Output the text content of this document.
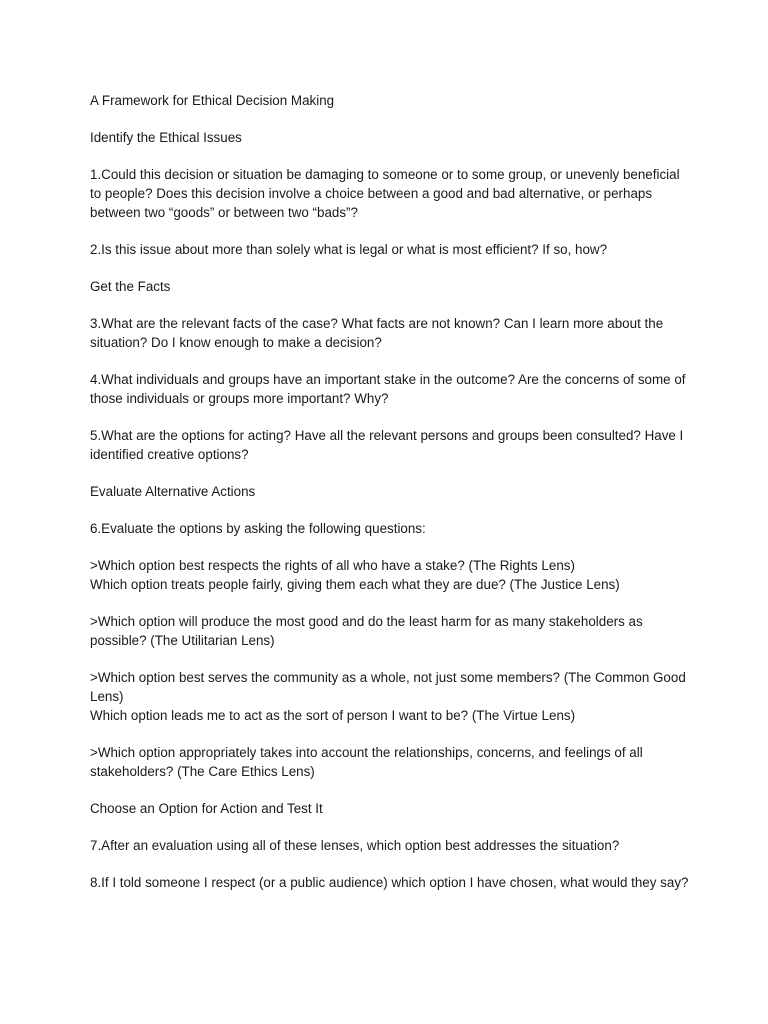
A Framework for Ethical Decision Making

Identify the Ethical Issues

1.Could this decision or situation be damaging to someone or to some group, or unevenly beneficial to people? Does this decision involve a choice between a good and bad alternative, or perhaps between two “goods” or between two “bads”?

2.Is this issue about more than solely what is legal or what is most efficient? If so, how?

Get the Facts

3.What are the relevant facts of the case? What facts are not known? Can I learn more about the situation? Do I know enough to make a decision?

4.What individuals and groups have an important stake in the outcome? Are the concerns of some of those individuals or groups more important? Why?

5.What are the options for acting? Have all the relevant persons and groups been consulted? Have I identified creative options?

Evaluate Alternative Actions

6.Evaluate the options by asking the following questions:

>Which option best respects the rights of all who have a stake? (The Rights Lens)

Which option treats people fairly, giving them each what they are due? (The Justice Lens)

>Which option will produce the most good and do the least harm for as many stakeholders as possible? (The Utilitarian Lens)

>Which option best serves the community as a whole, not just some members? (The Common Good Lens)

Which option leads me to act as the sort of person I want to be? (The Virtue Lens)

>Which option appropriately takes into account the relationships, concerns, and feelings of all stakeholders? (The Care Ethics Lens)

Choose an Option for Action and Test It

7.After an evaluation using all of these lenses, which option best addresses the situation?

8.If I told someone I respect (or a public audience) which option I have chosen, what would they say?
